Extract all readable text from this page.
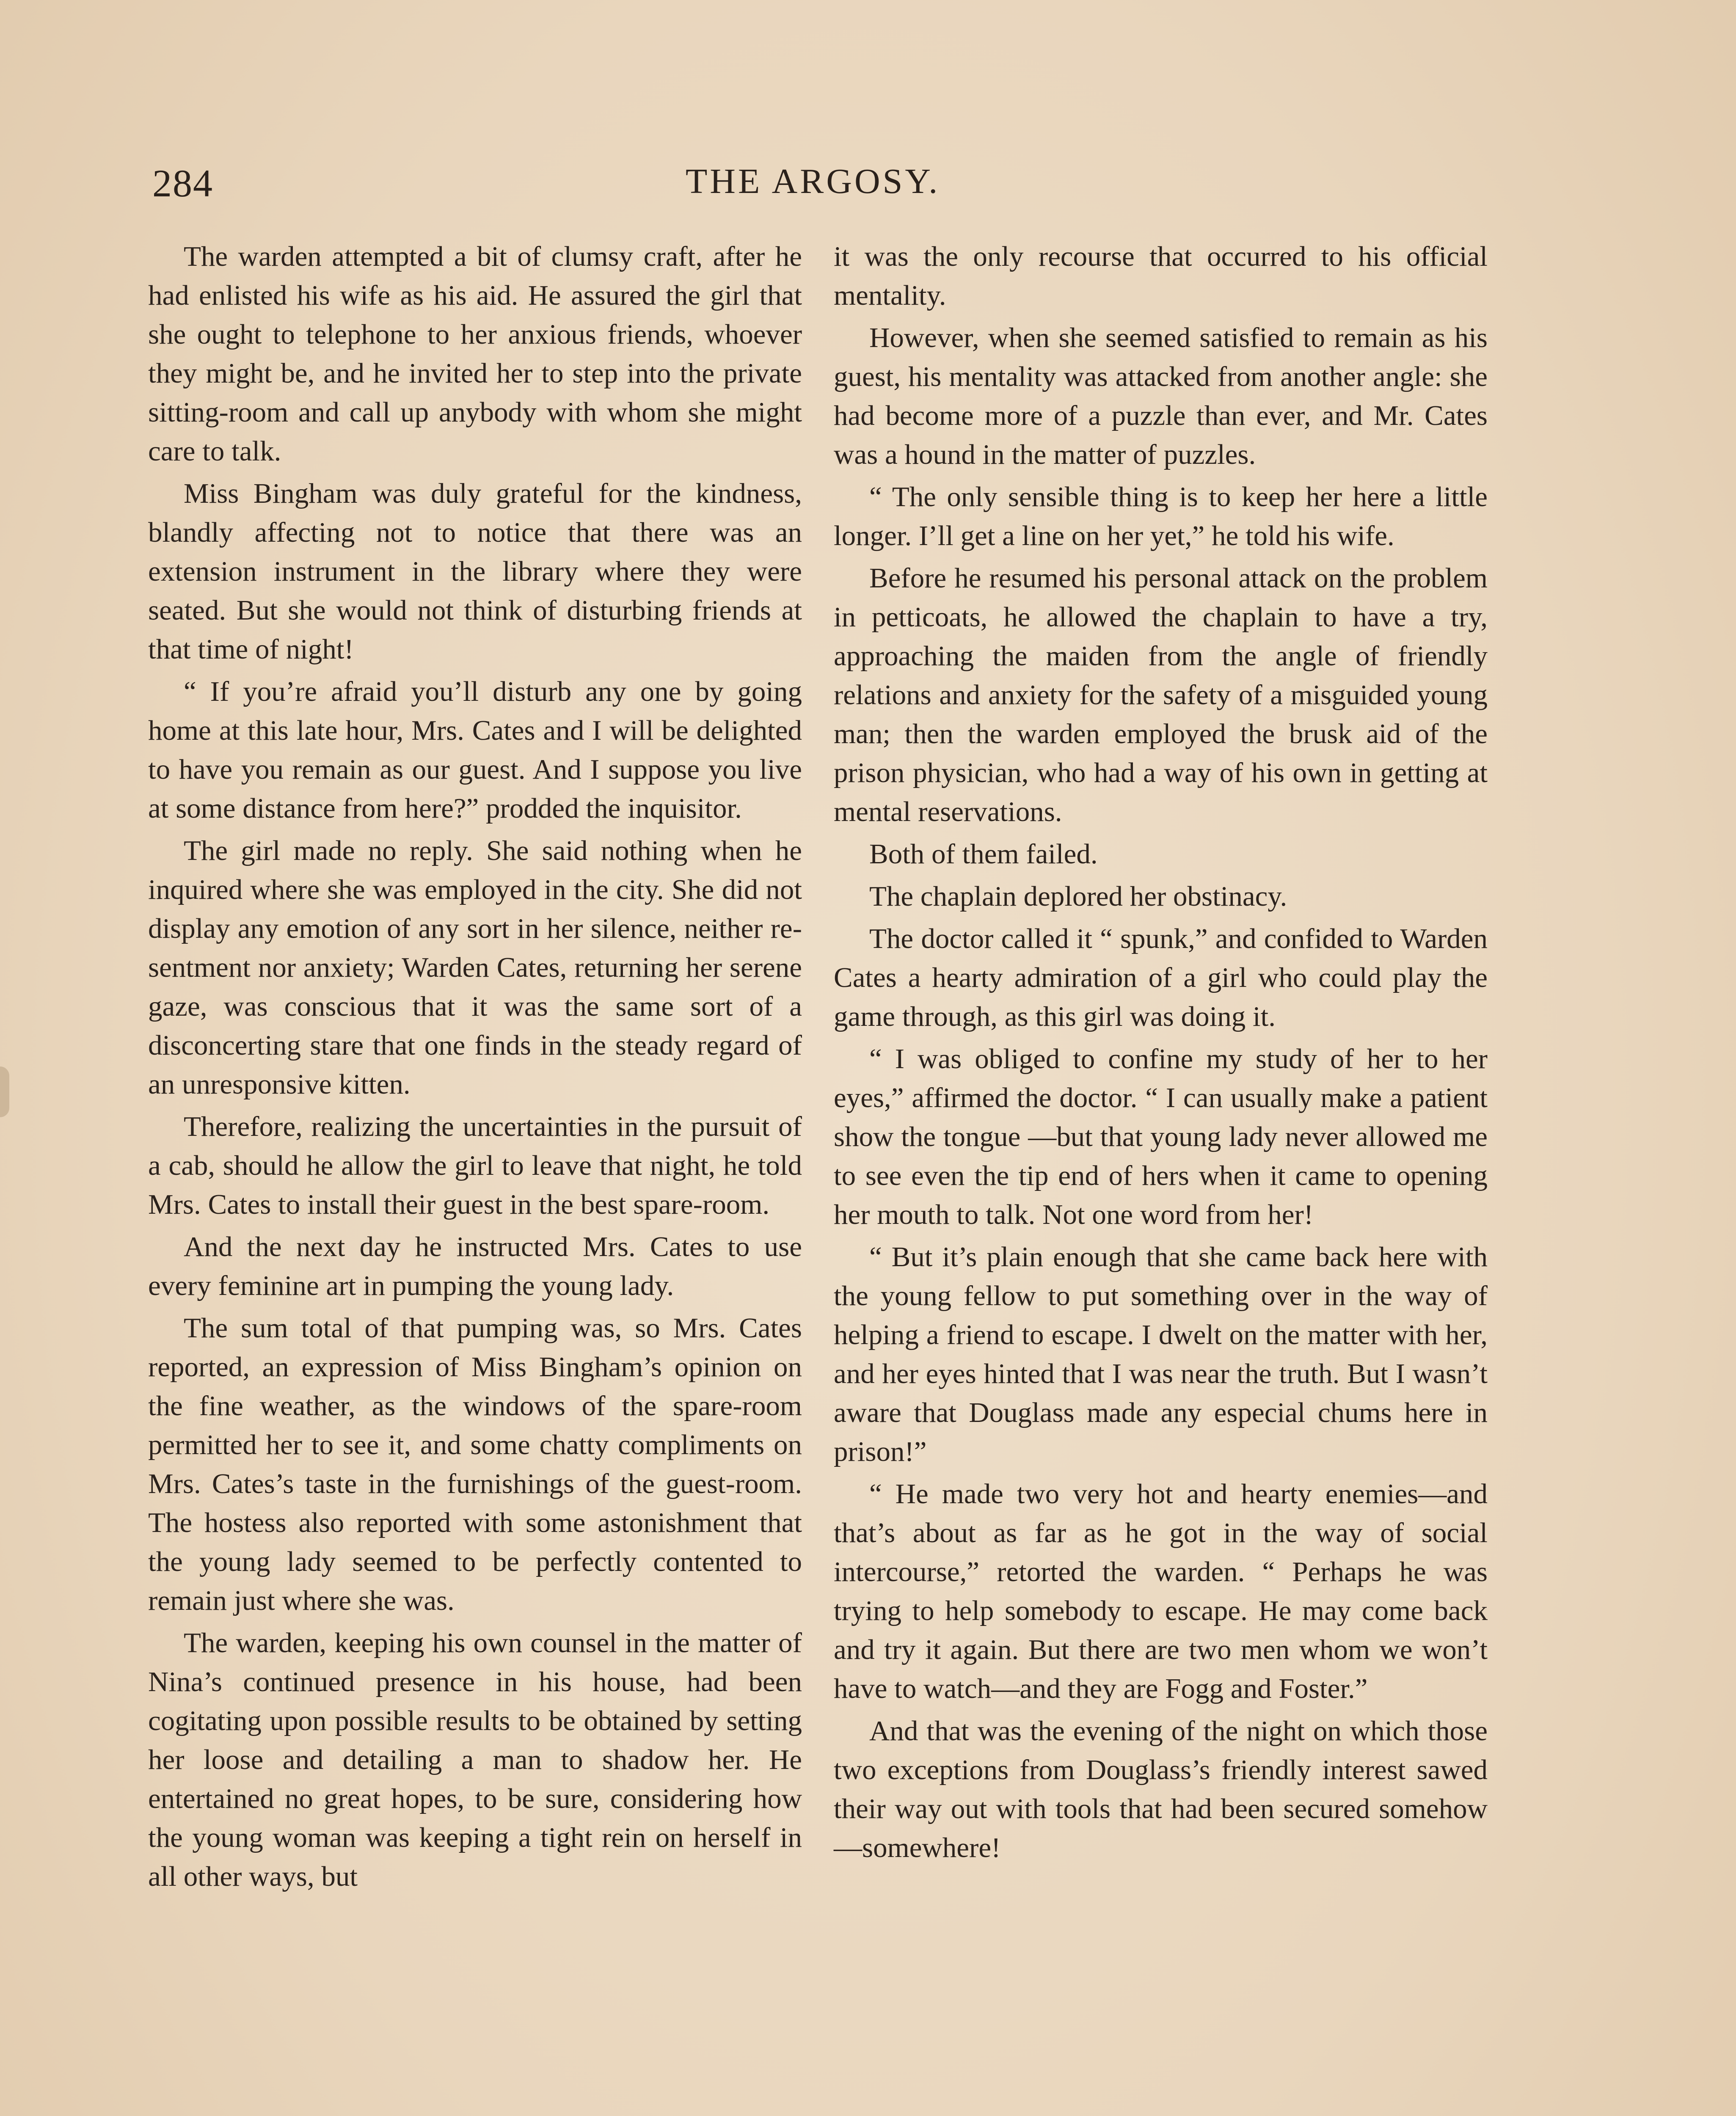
284	THE ARGOSY.

The warden attempted a bit of clumsy craft, after he had enlisted his wife as his aid. He assured the girl that she ought to telephone to her anxious friends, whoever they might be, and he invited her to step into the private sitting-room and call up anybody with whom she might care to talk.

Miss Bingham was duly grateful for the kindness, blandly affecting not to notice that there was an extension instrument in the library where they were seated. But she would not think of disturbing friends at that time of night!

“ If you’re afraid you’ll disturb any one by going home at this late hour, Mrs. Cates and I will be delighted to have you remain as our guest. And I suppose you live at some distance from here?” prodded the inquisitor.

The girl made no reply. She said nothing when he inquired where she was employed in the city. She did not display any emotion of any sort in her silence, neither resentment nor anxiety; Warden Cates, returning her serene gaze, was conscious that it was the same sort of a disconcerting stare that one finds in the steady regard of an unresponsive kitten.

Therefore, realizing the uncertainties in the pursuit of a cab, should he allow the girl to leave that night, he told Mrs. Cates to install their guest in the best spare-room.

And the next day he instructed Mrs. Cates to use every feminine art in pumping the young lady.

The sum total of that pumping was, so Mrs. Cates reported, an expression of Miss Bingham’s opinion on the fine weather, as the windows of the spare-room permitted her to see it, and some chatty compliments on Mrs. Cates’s taste in the furnishings of the guest-room. The hostess also reported with some astonishment that the young lady seemed to be perfectly contented to remain just where she was.

The warden, keeping his own counsel in the matter of Nina’s continued presence in his house, had been cogitating upon possible results to be obtained by setting her loose and detailing a man to shadow her. He entertained no great hopes, to be sure, considering how the young woman was keeping a tight rein on herself in all other ways, but

it was the only recourse that occurred to his official mentality.

However, when she seemed satisfied to remain as his guest, his mentality was attacked from another angle: she had become more of a puzzle than ever, and Mr. Cates was a hound in the matter of puzzles.

“ The only sensible thing is to keep her here a little longer. I’ll get a line on her yet,” he told his wife.

Before he resumed his personal attack on the problem in petticoats, he allowed the chaplain to have a try, approaching the maiden from the angle of friendly relations and anxiety for the safety of a misguided young man; then the warden employed the brusk aid of the prison physician, who had a way of his own in getting at mental reservations.

Both of them failed.

The chaplain deplored her obstinacy.

The doctor called it “ spunk,” and confided to Warden Cates a hearty admiration of a girl who could play the game through, as this girl was doing it.

“ I was obliged to confine my study of her to her eyes,” affirmed the doctor. “ I can usually make a patient show the tongue —but that young lady never allowed me to see even the tip end of hers when it came to opening her mouth to talk. Not one word from her!

“ But it’s plain enough that she came back here with the young fellow to put something over in the way of helping a friend to escape. I dwelt on the matter with her, and her eyes hinted that I was near the truth. But I wasn’t aware that Douglass made any especial chums here in prison!”

“ He made two very hot and hearty enemies—and that’s about as far as he got in the way of social intercourse,” retorted the warden. “ Perhaps he was trying to help somebody to escape. He may come back and try it again. But there are two men whom we won’t have to watch—and they are Fogg and Foster.”

And that was the evening of the night on which those two exceptions from Douglass’s friendly interest sawed their way out with tools that had been secured somehow—somewhere!
